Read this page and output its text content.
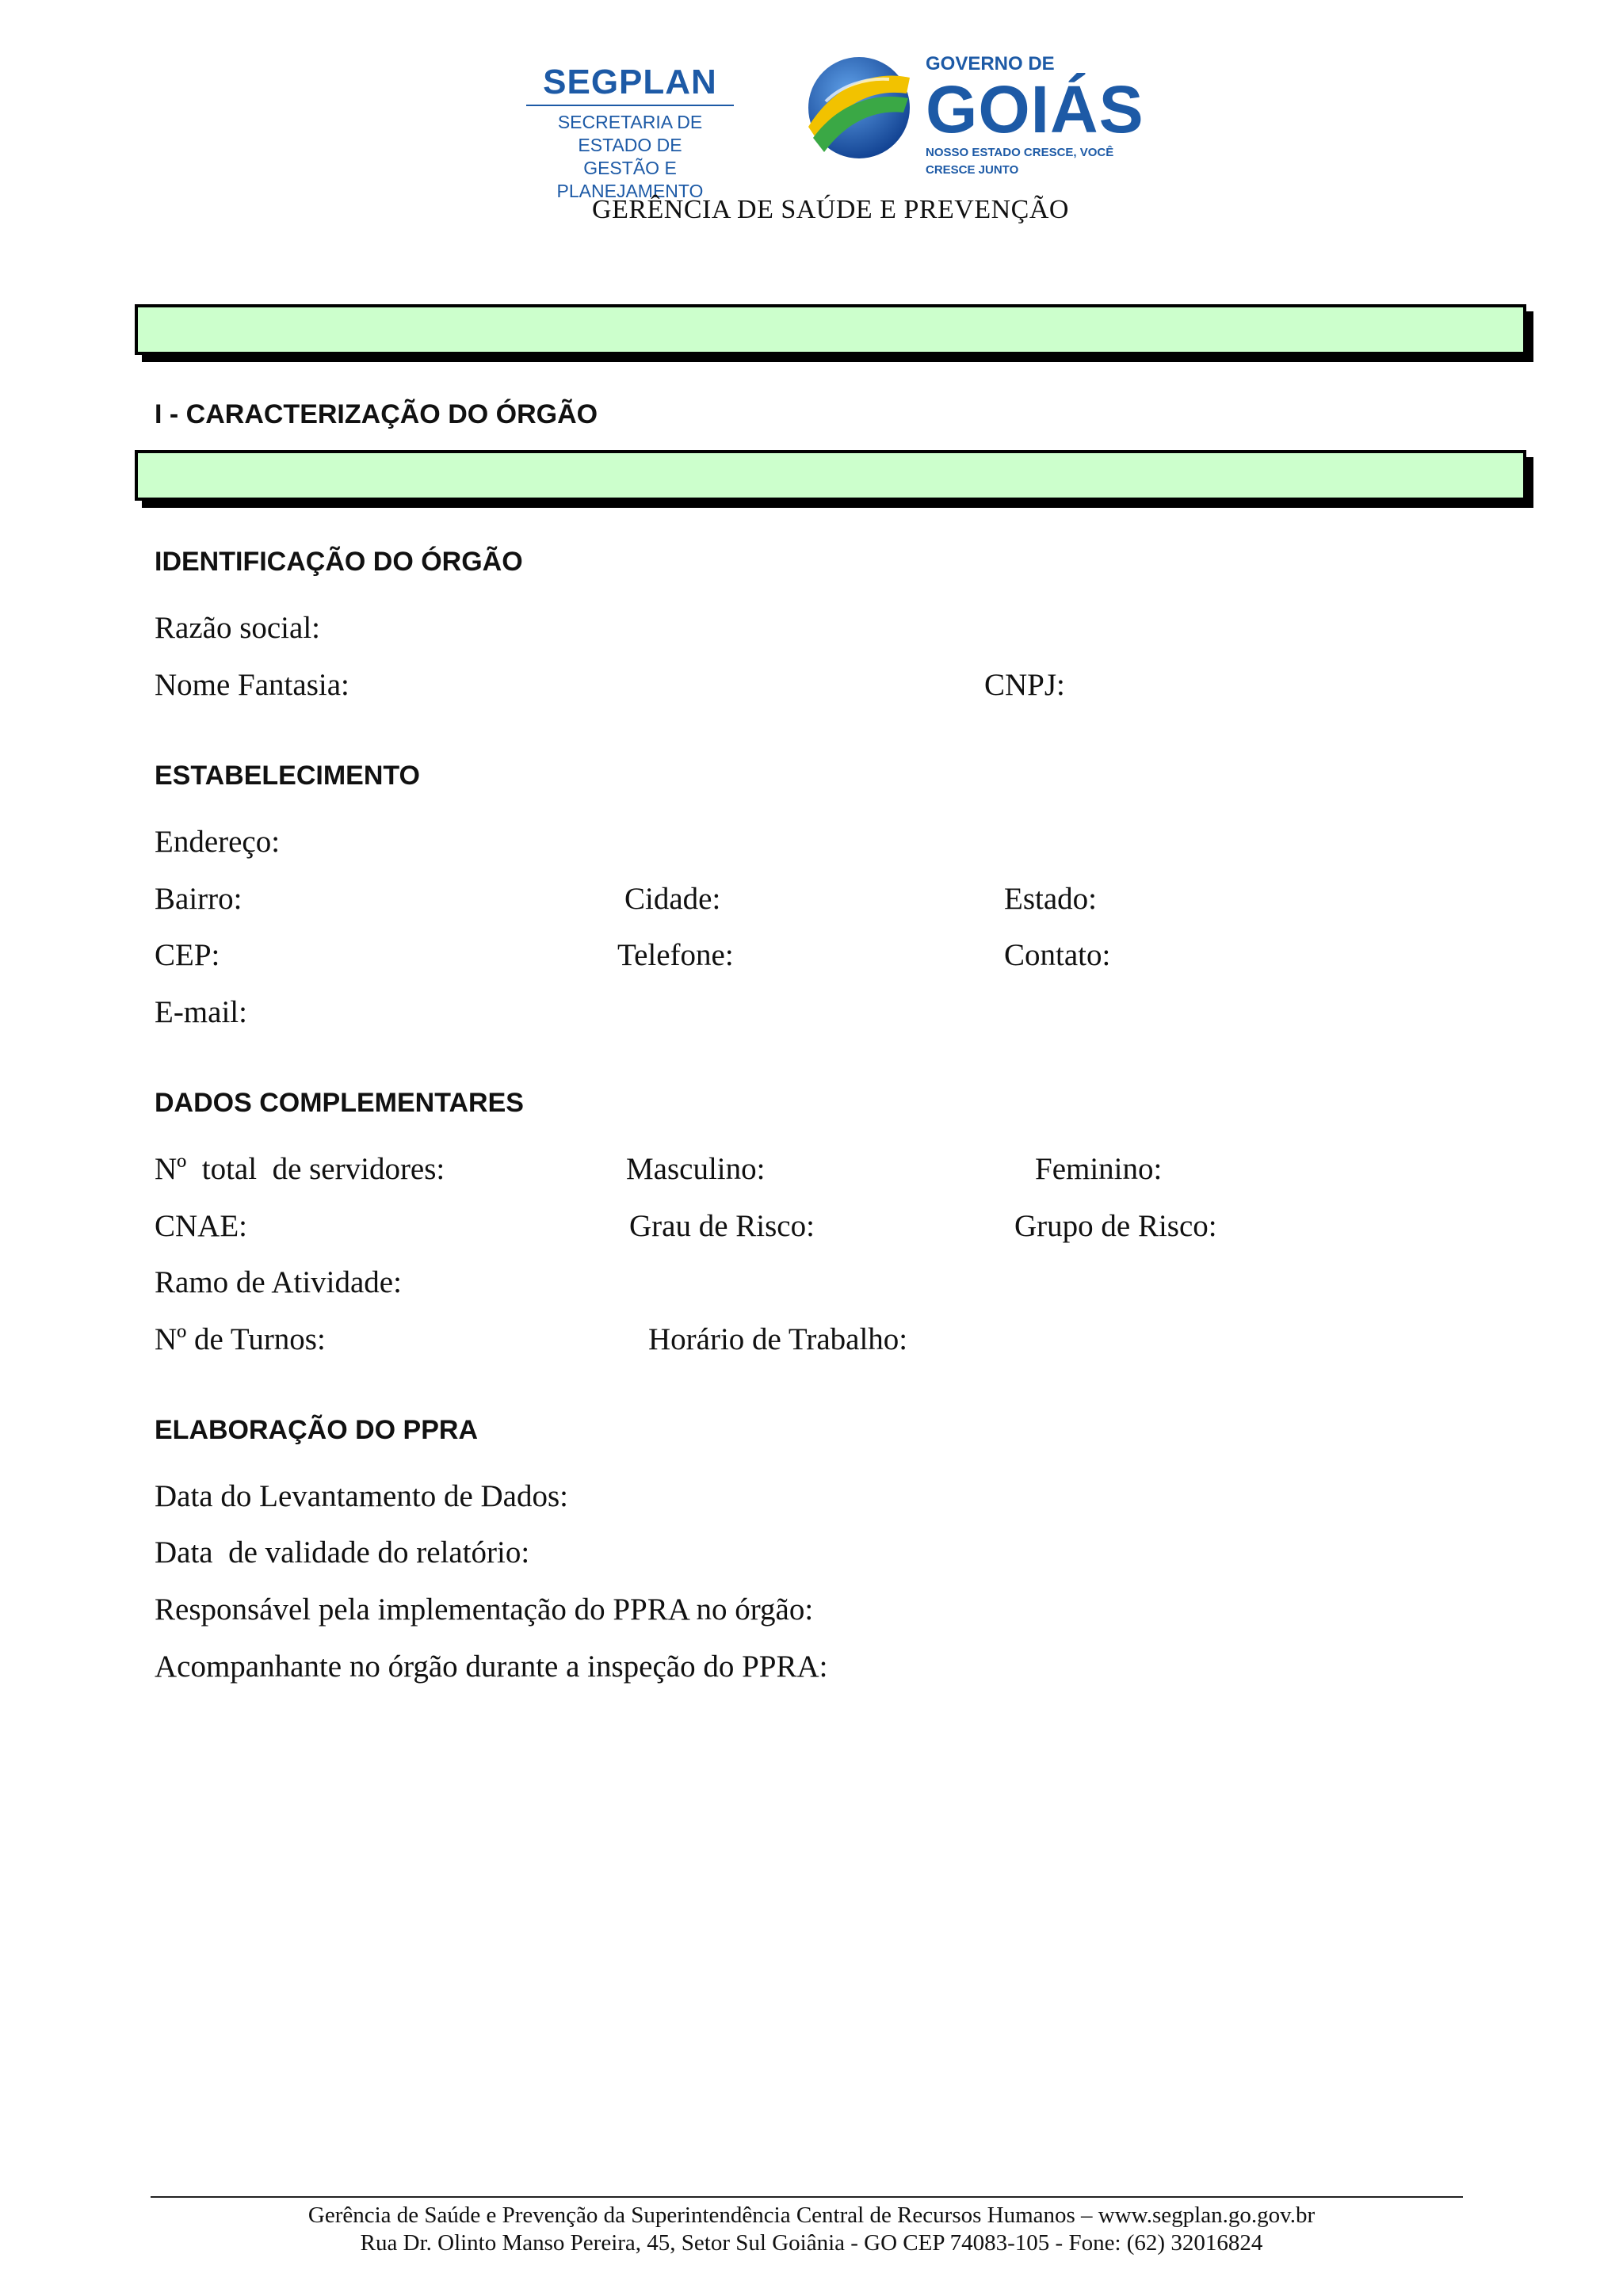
SEGPLAN
SECRETARIA DE ESTADO DE
GESTÃO E PLANEJAMENTO
GOVERNO DE
GOIÁS
NOSSO ESTADO CRESCE, VOCÊ CRESCE JUNTO
GERÊNCIA DE SAÚDE E PREVENÇÃO
I - CARACTERIZAÇÃO DO ÓRGÃO
IDENTIFICAÇÃO DO ÓRGÃO
Razão social:
Nome Fantasia:	CNPJ:
ESTABELECIMENTO
Endereço:
Bairro:	Cidade:	Estado:
CEP:	Telefone:	Contato:
E-mail:
DADOS COMPLEMENTARES
Nº  total  de servidores:	Masculino:	Feminino:
CNAE:	Grau de Risco:	Grupo de Risco:
Ramo de Atividade:
Nº de Turnos:	Horário de Trabalho:
ELABORAÇÃO DO PPRA
Data do Levantamento de Dados:
Data  de validade do relatório:
Responsável pela implementação do PPRA no órgão:
Acompanhante no órgão durante a inspeção do PPRA:
Gerência de Saúde e Prevenção da Superintendência Central de Recursos Humanos – www.segplan.go.gov.br
Rua Dr. Olinto Manso Pereira, 45, Setor Sul Goiânia - GO CEP 74083-105 - Fone: (62) 32016824
